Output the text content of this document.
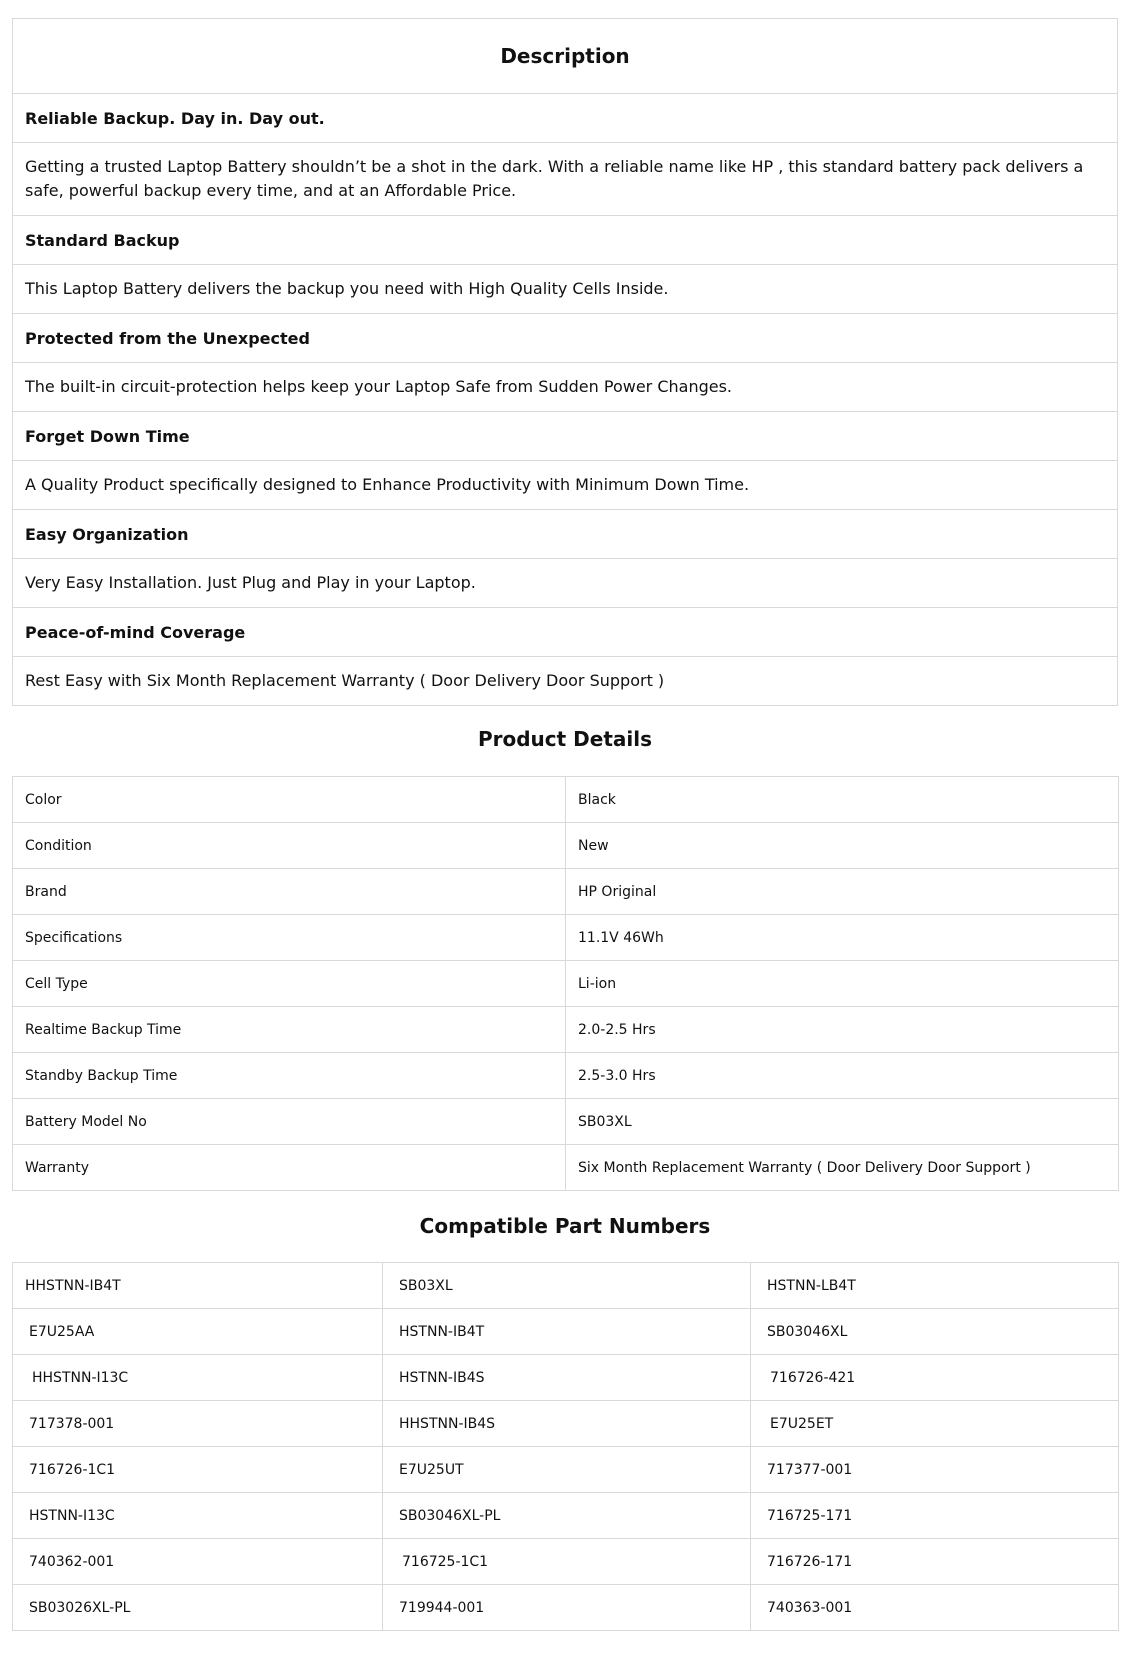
Description
Reliable Backup. Day in. Day out.
Getting a trusted Laptop Battery shouldn’t be a shot in the dark. With a reliable name like HP , this standard battery pack delivers a safe, powerful backup every time, and at an Affordable Price.
Standard Backup
This Laptop Battery delivers the backup you need with High Quality Cells Inside.
Protected from the Unexpected
The built-in circuit-protection helps keep your Laptop Safe from Sudden Power Changes.
Forget Down Time
A Quality Product specifically designed to Enhance Productivity with Minimum Down Time.
Easy Organization
Very Easy Installation. Just Plug and Play in your Laptop.
Peace-of-mind Coverage
Rest Easy with Six Month Replacement Warranty ( Door Delivery Door Support )
Product Details
Color	Black
Condition	New
Brand	HP Original
Specifications	11.1V 46Wh
Cell Type	Li-ion
Realtime Backup Time	2.0-2.5 Hrs
Standby Backup Time	2.5-3.0 Hrs
Battery Model No	SB03XL
Warranty	Six Month Replacement Warranty ( Door Delivery Door Support )
Compatible Part Numbers
HHSTNN-IB4T	SB03XL	HSTNN-LB4T
E7U25AA	HSTNN-IB4T	SB03046XL
HHSTNN-I13C	HSTNN-IB4S	716726-421
717378-001	HHSTNN-IB4S	E7U25ET
716726-1C1	E7U25UT	717377-001
HSTNN-I13C	SB03046XL-PL	716725-171
740362-001	716725-1C1	716726-171
SB03026XL-PL	719944-001	740363-001
